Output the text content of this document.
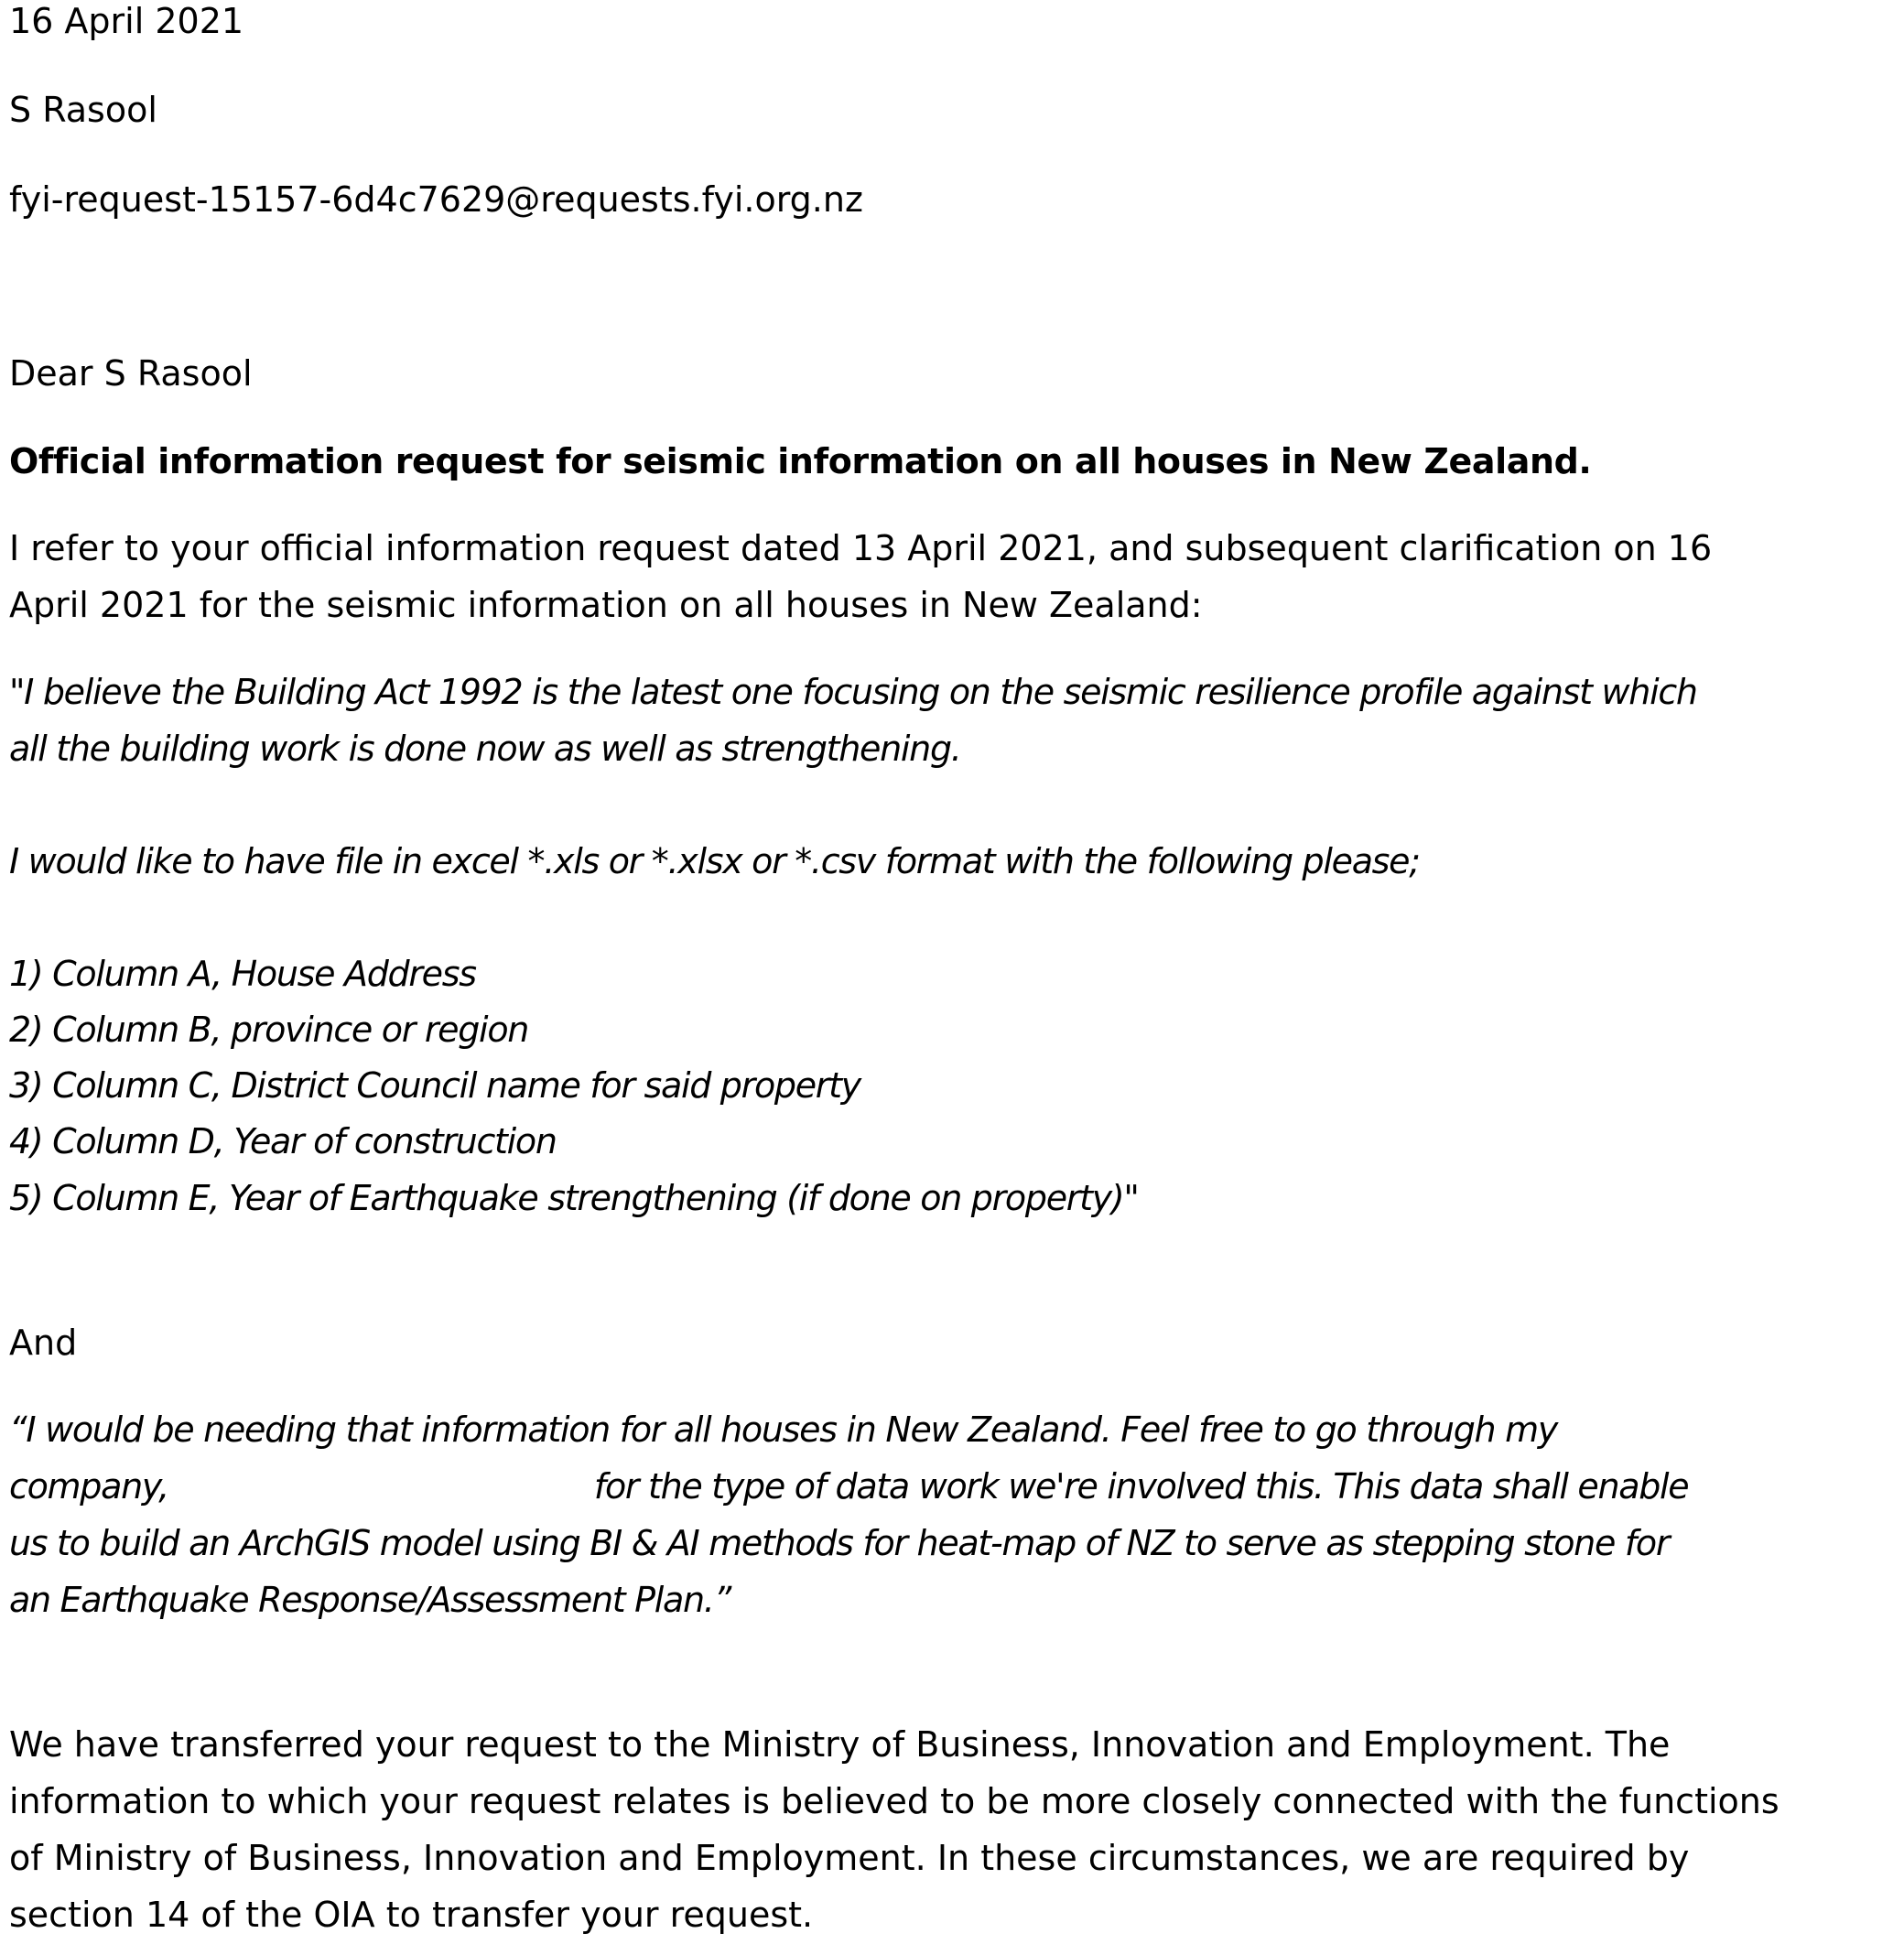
16 April 2021
S Rasool
fyi-request-15157-6d4c7629@requests.fyi.org.nz
Dear S Rasool
Official information request for seismic information on all houses in New Zealand.
I refer to your official information request dated 13 April 2021, and subsequent clarification on 16
April 2021 for the seismic information on all houses in New Zealand:
"I believe the Building Act 1992 is the latest one focusing on the seismic resilience profile against which
all the building work is done now as well as strengthening.
I would like to have file in excel *.xls or *.xlsx or *.csv format with the following please;
1) Column A, House Address
2) Column B, province or region
3) Column C, District Council name for said property
4) Column D, Year of construction
5) Column E, Year of Earthquake strengthening (if done on property)"
And
“I would be needing that information for all houses in New Zealand. Feel free to go through my
company,	for the type of data work we're involved this. This data shall enable
us to build an ArchGIS model using BI & AI methods for heat-map of NZ to serve as stepping stone for
an Earthquake Response/Assessment Plan.”
We have transferred your request to the Ministry of Business, Innovation and Employment. The
information to which your request relates is believed to be more closely connected with the functions
of Ministry of Business, Innovation and Employment. In these circumstances, we are required by
section 14 of the OIA to transfer your request.
